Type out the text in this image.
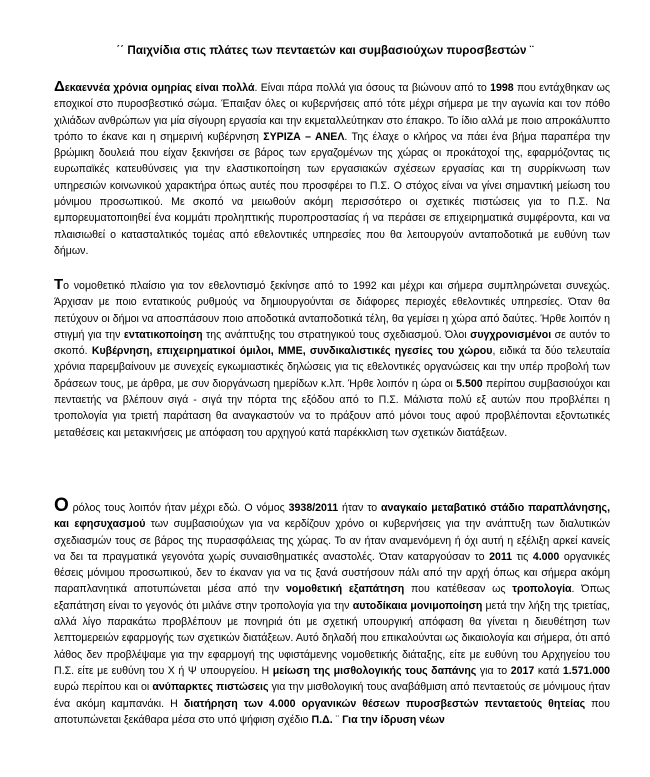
΄΄ Παιχνίδια στις πλάτες των πενταετών και συμβασιούχων πυροσβεστών ¨

Δεκαεννέα χρόνια ομηρίας είναι πολλά. Είναι πάρα πολλά για όσους τα βιώνουν από το 1998 που εντάχθηκαν ως εποχικοί στο πυροσβεστικό σώμα. Έπαιξαν όλες οι κυβερνήσεις από τότε μέχρι σήμερα με την αγωνία και τον πόθο χιλιάδων ανθρώπων για μία σίγουρη εργασία και την εκμεταλλεύτηκαν στο έπακρο. Το ίδιο αλλά με ποιο απροκάλυπτο τρόπο το έκανε και η σημερινή κυβέρνηση ΣΥΡΙΖΑ – ΑΝΕΛ. Της έλαχε ο κλήρος να πάει ένα βήμα παραπέρα την βρώμικη δουλειά που είχαν ξεκινήσει σε βάρος των εργαζομένων της χώρας οι προκάτοχοί της, εφαρμόζοντας τις ευρωπαϊκές κατευθύνσεις για την ελαστικοποίηση των εργασιακών σχέσεων εργασίας και τη συρρίκνωση των υπηρεσιών κοινωνικού χαρακτήρα όπως αυτές που προσφέρει το Π.Σ. Ο στόχος είναι να γίνει σημαντική μείωση του μόνιμου προσωπικού. Με σκοπό να μειωθούν ακόμη περισσότερο οι σχετικές πιστώσεις για το Π.Σ. Να εμπορευματοποιηθεί ένα κομμάτι προληπτικής πυροπροστασίας ή να περάσει σε επιχειρηματικά συμφέροντα, και να πλαισιωθεί ο κατασταλτικός τομέας από εθελοντικές υπηρεσίες που θα λειτουργούν ανταποδοτικά με ευθύνη των δήμων.

Το νομοθετικό πλαίσιο για τον εθελοντισμό ξεκίνησε από το 1992 και μέχρι και σήμερα συμπληρώνεται συνεχώς. Άρχισαν με ποιο εντατικούς ρυθμούς να δημιουργούνται σε διάφορες περιοχές εθελοντικές υπηρεσίες. Όταν θα πετύχουν οι δήμοι να αποσπάσουν ποιο αποδοτικά ανταποδοτικά τέλη, θα γεμίσει η χώρα από δαύτες. Ήρθε λοιπόν η στιγμή για την εντατικοποίηση της ανάπτυξης του στρατηγικού τους σχεδιασμού. Όλοι συγχρονισμένοι σε αυτόν το σκοπό. Κυβέρνηση, επιχειρηματικοί όμιλοι, ΜΜΕ, συνδικαλιστικές ηγεσίες του χώρου, ειδικά τα δύο τελευταία χρόνια παρεμβαίνουν με συνεχείς εγκωμιαστικές δηλώσεις για τις εθελοντικές οργανώσεις και την υπέρ προβολή των δράσεων τους, με άρθρα, με συν διοργάνωση ημερίδων κ.λπ. Ήρθε λοιπόν η ώρα οι 5.500 περίπου συμβασιούχοι και πενταετής να βλέπουν σιγά - σιγά την πόρτα της εξόδου από το Π.Σ. Μάλιστα πολύ εξ αυτών που προβλέπει η τροπολογία για τριετή παράταση θα αναγκαστούν να το πράξουν από μόνοι τους αφού προβλέπονται εξοντωτικές μεταθέσεις και μετακινήσεις με απόφαση του αρχηγού κατά παρέκκλιση των σχετικών διατάξεων.

Ο ρόλος τους λοιπόν ήταν μέχρι εδώ. Ο νόμος 3938/2011 ήταν το αναγκαίο μεταβατικό στάδιο παραπλάνησης, και εφησυχασμού των συμβασιούχων για να κερδίζουν χρόνο οι κυβερνήσεις για την ανάπτυξη των διαλυτικών σχεδιασμών τους σε βάρος της πυρασφάλειας της χώρας. Το αν ήταν αναμενόμενη ή όχι αυτή η εξέλιξη αρκεί κανείς να δει τα πραγματικά γεγονότα χωρίς συναισθηματικές αναστολές. Όταν καταργούσαν το 2011 τις 4.000 οργανικές θέσεις μόνιμου προσωπικού, δεν το έκαναν για να τις ξανά συστήσουν πάλι από την αρχή όπως και σήμερα ακόμη παραπλανητικά αποτυπώνεται μέσα από την νομοθετική εξαπάτηση που κατέθεσαν ως τροπολογία. Όπως εξαπάτηση είναι το γεγονός ότι μιλάνε στην τροπολογία για την αυτοδίκαια μονιμοποίηση μετά την λήξη της τριετίας, αλλά λίγο παρακάτω προβλέπουν με πονηριά ότι με σχετική υπουργική απόφαση θα γίνεται η διευθέτηση των λεπτομερειών εφαρμογής των σχετικών διατάξεων. Αυτό δηλαδή που επικαλούνται ως δικαιολογία και σήμερα, ότι από λάθος δεν προβλέψαμε για την εφαρμογή της υφιστάμενης νομοθετικής διάταξης, είτε με ευθύνη του Αρχηγείου του Π.Σ. είτε με ευθύνη του Χ ή Ψ υπουργείου. Η μείωση της μισθολογικής τους δαπάνης για το 2017 κατά 1.571.000 ευρώ περίπου και οι ανύπαρκτες πιστώσεις για την μισθολογική τους αναβάθμιση από πενταετούς σε μόνιμους ήταν ένα ακόμη καμπανάκι. Η διατήρηση των 4.000 οργανικών θέσεων πυροσβεστών πενταετούς θητείας που αποτυπώνεται ξεκάθαρα μέσα στο υπό ψήφιση σχέδιο Π.Δ. ¨ Για την ίδρυση νέων
